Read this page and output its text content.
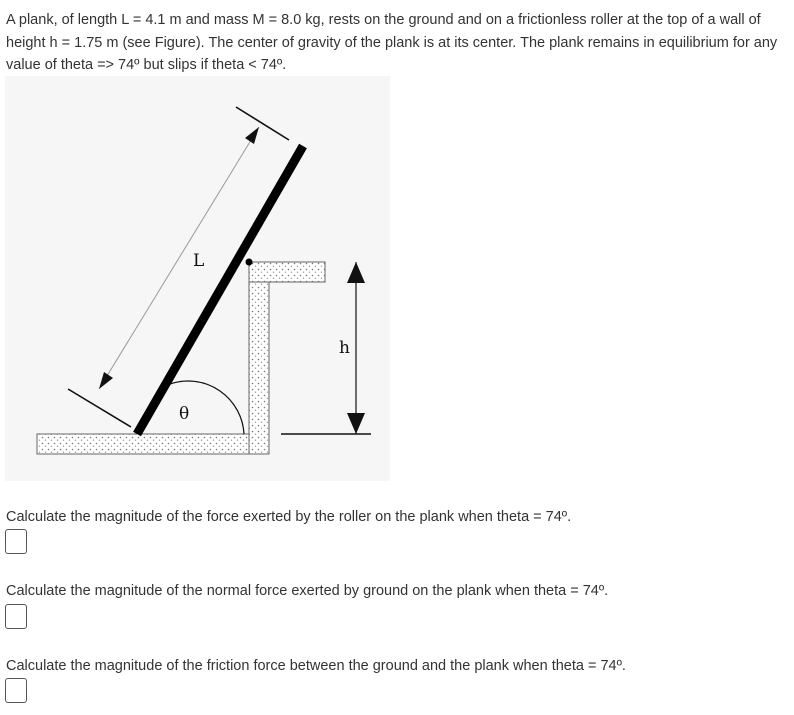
A plank, of length L = 4.1 m and mass M = 8.0 kg, rests on the ground and on a frictionless roller at the top of a wall of height h = 1.75 m (see Figure). The center of gravity of the plank is at its center. The plank remains in equilibrium for any value of theta => 74º but slips if theta < 74º.

L
h
θ

Calculate the magnitude of the force exerted by the roller on the plank when theta = 74º.

Calculate the magnitude of the normal force exerted by ground on the plank when theta = 74º.

Calculate the magnitude of the friction force between the ground and the plank when theta = 74º.
